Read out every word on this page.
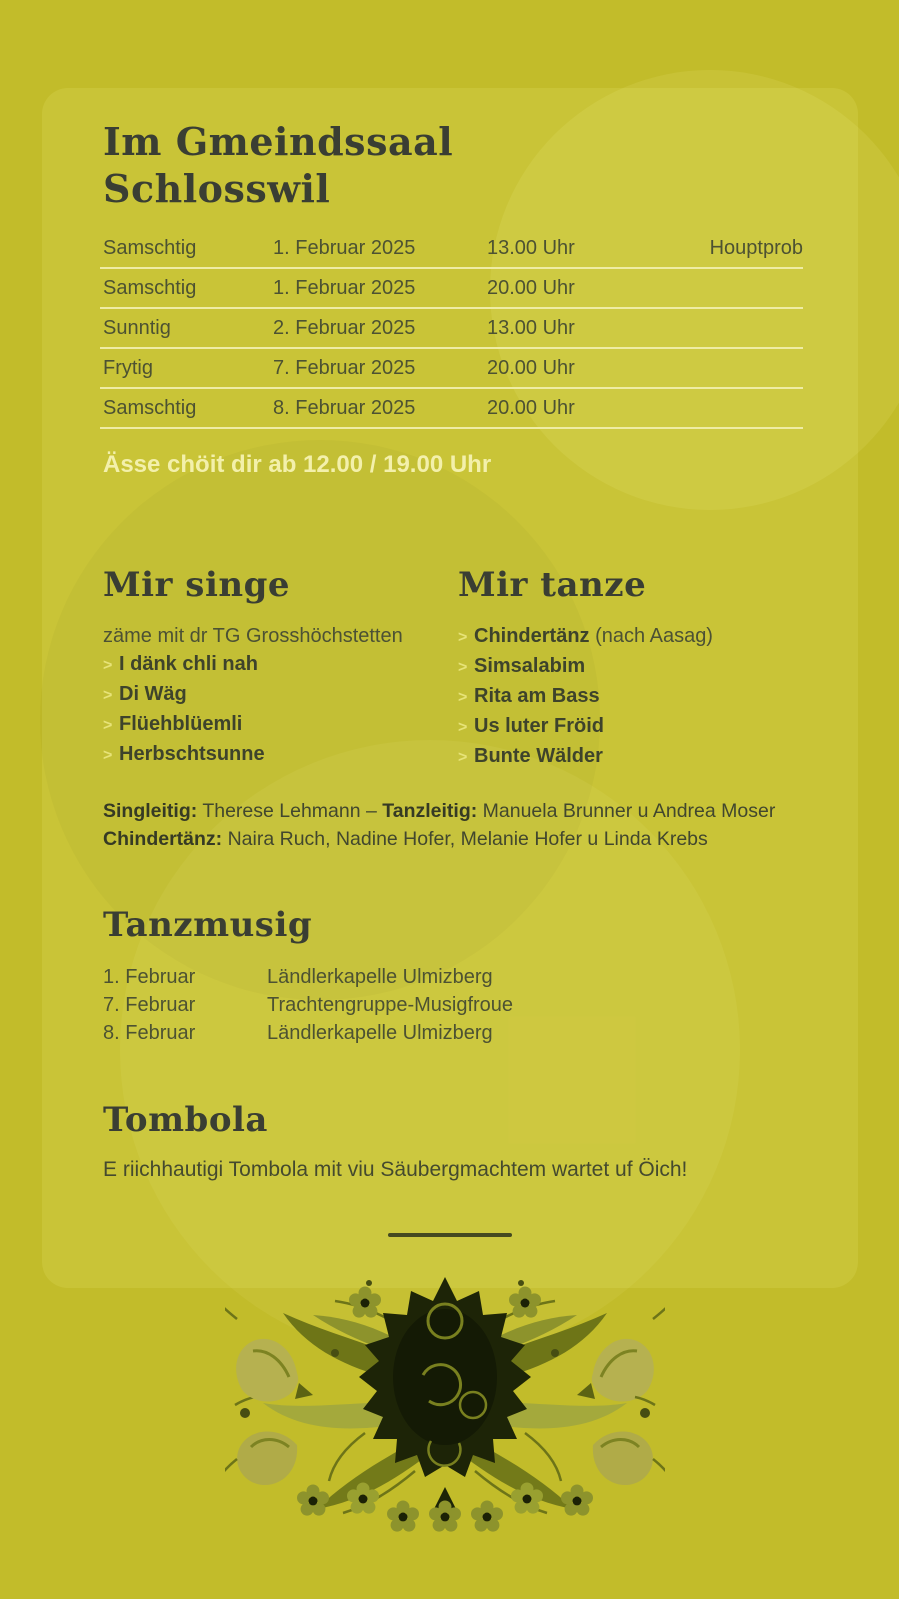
Im Gmeindssaal
Schlosswil
Samschtig	1. Februar 2025	13.00 Uhr	Houptprob
Samschtig	1. Februar 2025	20.00 Uhr
Sunntig	2. Februar 2025	13.00 Uhr
Frytig	7. Februar 2025	20.00 Uhr
Samschtig	8. Februar 2025	20.00 Uhr
Ässe chöit dir ab 12.00 / 19.00 Uhr
Mir singe
zäme mit dr TG Grosshöchstetten
> I dänk chli nah
> Di Wäg
> Flüehblüemli
> Herbschtsunne
Mir tanze
> Chindertänz (nach Aasag)
> Simsalabim
> Rita am Bass
> Us luter Fröid
> Bunte Wälder
Singleitig: Therese Lehmann – Tanzleitig: Manuela Brunner u Andrea Moser
Chindertänz: Naira Ruch, Nadine Hofer, Melanie Hofer u Linda Krebs
Tanzmusig
1. Februar	Ländlerkapelle Ulmizberg
7. Februar	Trachtengruppe-Musigfroue
8. Februar	Ländlerkapelle Ulmizberg
Tombola
E riichhautigi Tombola mit viu Säubergmachtem wartet uf Öich!
